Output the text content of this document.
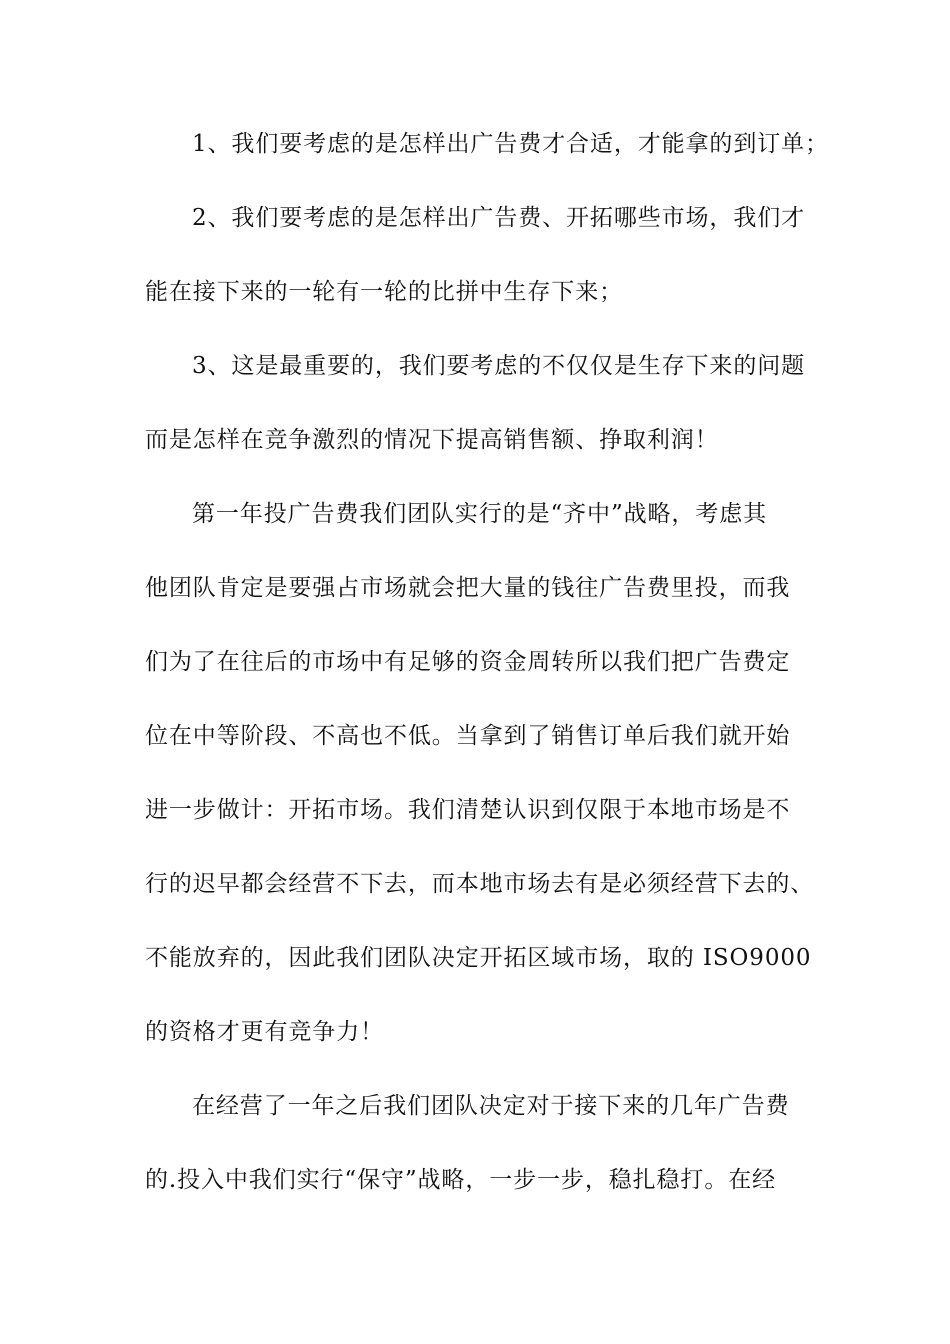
1、我们要考虑的是怎样出广告费才合适，才能拿的到订单；
2、我们要考虑的是怎样出广告费、开拓哪些市场，我们才
能在接下来的一轮有一轮的比拼中生存下来；
3、这是最重要的，我们要考虑的不仅仅是生存下来的问题
而是怎样在竞争激烈的情况下提高销售额、挣取利润！
第一年投广告费我们团队实行的是“齐中”战略，考虑其
他团队肯定是要强占市场就会把大量的钱往广告费里投，而我
们为了在往后的市场中有足够的资金周转所以我们把广告费定
位在中等阶段、不高也不低。当拿到了销售订单后我们就开始
进一步做计：开拓市场。我们清楚认识到仅限于本地市场是不
行的迟早都会经营不下去，而本地市场去有是必须经营下去的、
不能放弃的，因此我们团队决定开拓区域市场，取的 ISO9000
的资格才更有竞争力！
在经营了一年之后我们团队决定对于接下来的几年广告费
的.投入中我们实行“保守”战略，一步一步，稳扎稳打。在经
